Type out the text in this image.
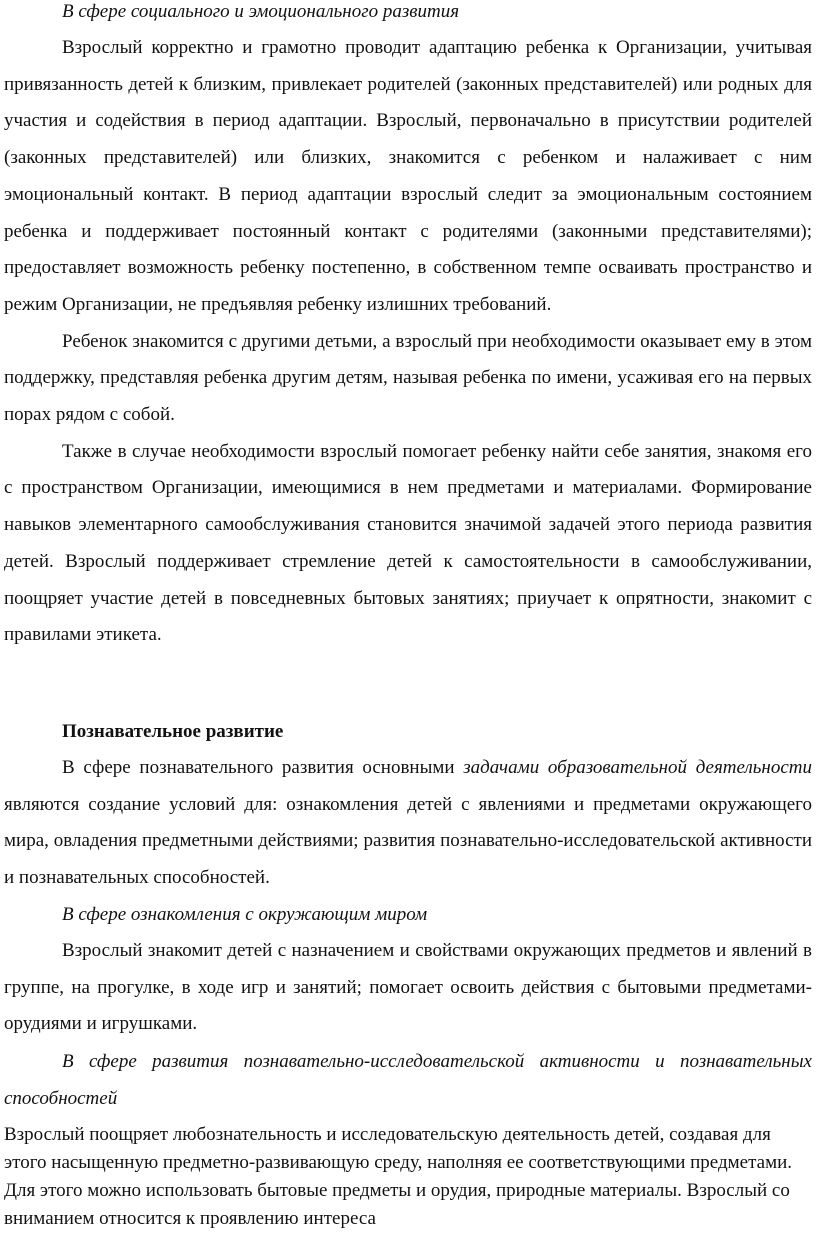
В сфере социального и эмоционального развития

Взрослый корректно и грамотно проводит адаптацию ребенка к Организации, учитывая привязанность детей к близким, привлекает родителей (законных представителей) или родных для участия и содействия в период адаптации. Взрослый, первоначально в присутствии родителей (законных представителей) или близких, знакомится с ребенком и налаживает с ним эмоциональный контакт. В период адаптации взрослый следит за эмоциональным состоянием ребенка и поддерживает постоянный контакт с родителями (законными представителями); предоставляет возможность ребенку постепенно, в собственном темпе осваивать пространство и режим Организации, не предъявляя ребенку излишних требований.

Ребенок знакомится с другими детьми, а взрослый при необходимости оказывает ему в этом поддержку, представляя ребенка другим детям, называя ребенка по имени, усаживая его на первых порах рядом с собой.

Также в случае необходимости взрослый помогает ребенку найти себе занятия, знакомя его с пространством Организации, имеющимися в нем предметами и материалами. Формирование навыков элементарного самообслуживания становится значимой задачей этого периода развития детей. Взрослый поддерживает стремление детей к самостоятельности в самообслуживании, поощряет участие детей в повседневных бытовых занятиях; приучает к опрятности, знакомит с правилами этикета.

Познавательное развитие

В сфере познавательного развития основными задачами образовательной деятельности являются создание условий для: ознакомления детей с явлениями и предметами окружающего мира, овладения предметными действиями; развития познавательно-исследовательской активности и познавательных способностей.

В сфере ознакомления с окружающим миром

Взрослый знакомит детей с назначением и свойствами окружающих предметов и явлений в группе, на прогулке, в ходе игр и занятий; помогает освоить действия с бытовыми предметами-орудиями и игрушками.

В сфере развития познавательно-исследовательской активности и познавательных способностей

Взрослый поощряет любознательность и исследовательскую деятельность детей, создавая для этого насыщенную предметно-развивающую среду, наполняя ее соответствующими предметами. Для этого можно использовать бытовые предметы и орудия, природные материалы. Взрослый со вниманием относится к проявлению интереса
